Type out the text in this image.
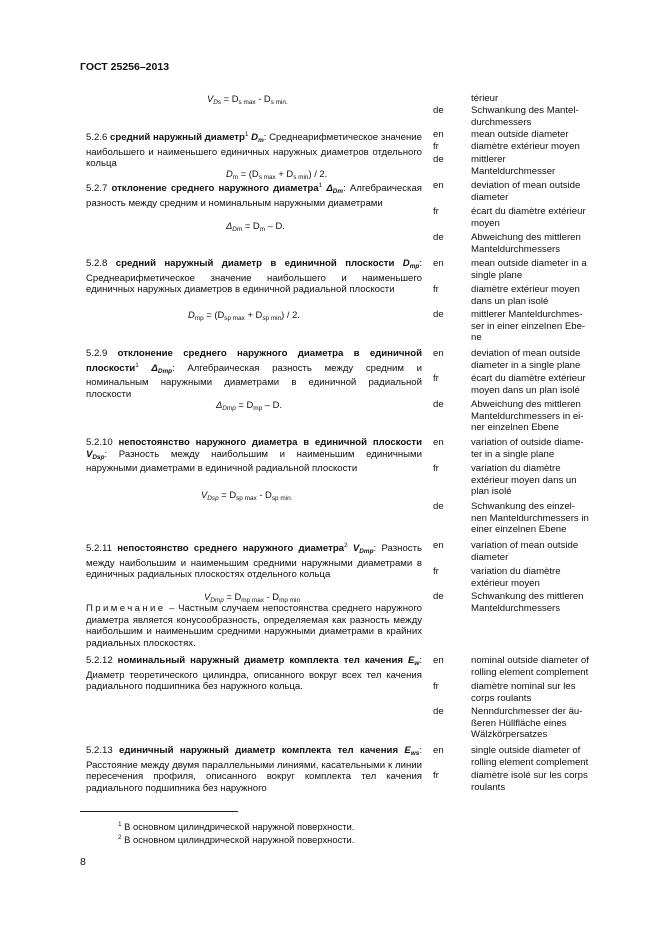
ГОСТ 25256–2013
$V_{Ds} = D_{s max} - D_{s min.}$	térieur
de	Schwankung des Mantel-
durchmessers
5.2.6 средний наружный диаметр$^1$ $D_m$: Среднеарифметическое значение наибольшего и наименьшего единичных наружных диаметров отдельного кольца
$D_m = (D_{s max} + D_{s min}) / 2$.
en
fr
de
mean outside diameter
diamètre extérieur moyen
mittlerer
Manteldurchmesser
5.2.7 отклонение среднего наружного диаметра$^1$ $\Delta_{Dm}$: Алгебраическая разность между средним и номинальным наружными диаметрами
$\Delta_{Dm} = D_m - D$.
en
fr
de
deviation of mean outside
diameter
écart du diamètre extérieur
moyen
Abweichung des mittleren
Manteldurchmessers
5.2.8 средний наружный диаметр в единичной плоскости $D_{mp}$: Среднеарифметическое значение наибольшего и наименьшего единичных наружных диаметров в единичной радиальной плоскости
$D_{mp} = (D_{sp max} + D_{sp min}) / 2$.
en
fr
de
mean outside diameter in a
single plane
diamètre extérieur moyen
dans un plan isolé
mittlerer Manteldurchmes-
ser in einer einzelnen Ebe-
ne
5.2.9 отклонение среднего наружного диаметра в единичной плоскости$^1$ $\Delta_{Dmp}$: Алгебраическая разность между средним и номинальным наружными диаметрами в единичной радиальной плоскости
$\Delta_{Dmp} = D_{mp} - D$.
en
fr
de
deviation of mean outside
diameter in a single plane
écart du diamètre extérieur
moyen dans un plan isolé
Abweichung des mittleren
Manteldurchmessers in ei-
ner einzelnen Ebene
5.2.10 непостоянство наружного диаметра в единичной плоскости $V_{Dsp}$: Разность между наибольшим и наименьшим единичными наружными диаметрами в единичной радиальной плоскости
$V_{Dsp} = D_{sp max} - D_{sp min.}$
en
fr
de
variation of outside diame-
ter in a single plane
variation du diamètre
extérieur moyen dans un
plan isolé
Schwankung des einzel-
nen Manteldurchmessers in
einer einzelnen Ebene
5.2.11 непостоянство среднего наружного диаметра$^2$ $V_{Dmp}$: Разность между наибольшим и наименьшим средними наружными диаметрами в единичных радиальных плоскостях отдельного кольца
$V_{Dmp} = D_{mp max} - D_{mp min}$
Примечание – Частным случаем непостоянства среднего наружного диаметра является конусообразность, определяемая как разность между наибольшим и наименьшим средними наружными диаметрами в крайних радиальных плоскостях.
en
fr
de
variation of mean outside
diameter
variation du diamètre
extérieur moyen
Schwankung des mittleren
Manteldurchmessers
5.2.12 номинальный наружный диаметр комплекта тел качения $E_w$: Диаметр теоретического цилиндра, описанного вокруг всех тел качения радиального подшипника без наружного кольца.
en
fr
de
nominal outside diameter of
rolling element complement
diamètre nominal sur les
corps roulants
Nenndurchmesser der äu-
ßeren Hüllfläche eines
Wälzkörpersatzes
5.2.13 единичный наружный диаметр комплекта тел качения $E_{ws}$: Расстояние между двумя параллельными линиями, касательными к линии пересечения профиля, описанного вокруг комплекта тел качения радиального подшипника без наружного
en
fr
single outside diameter of
rolling element complement
diamètre isolé sur les corps
roulants
$^1$ В основном цилиндрической наружной поверхности.
$^2$ В основном цилиндрической наружной поверхности.
8
